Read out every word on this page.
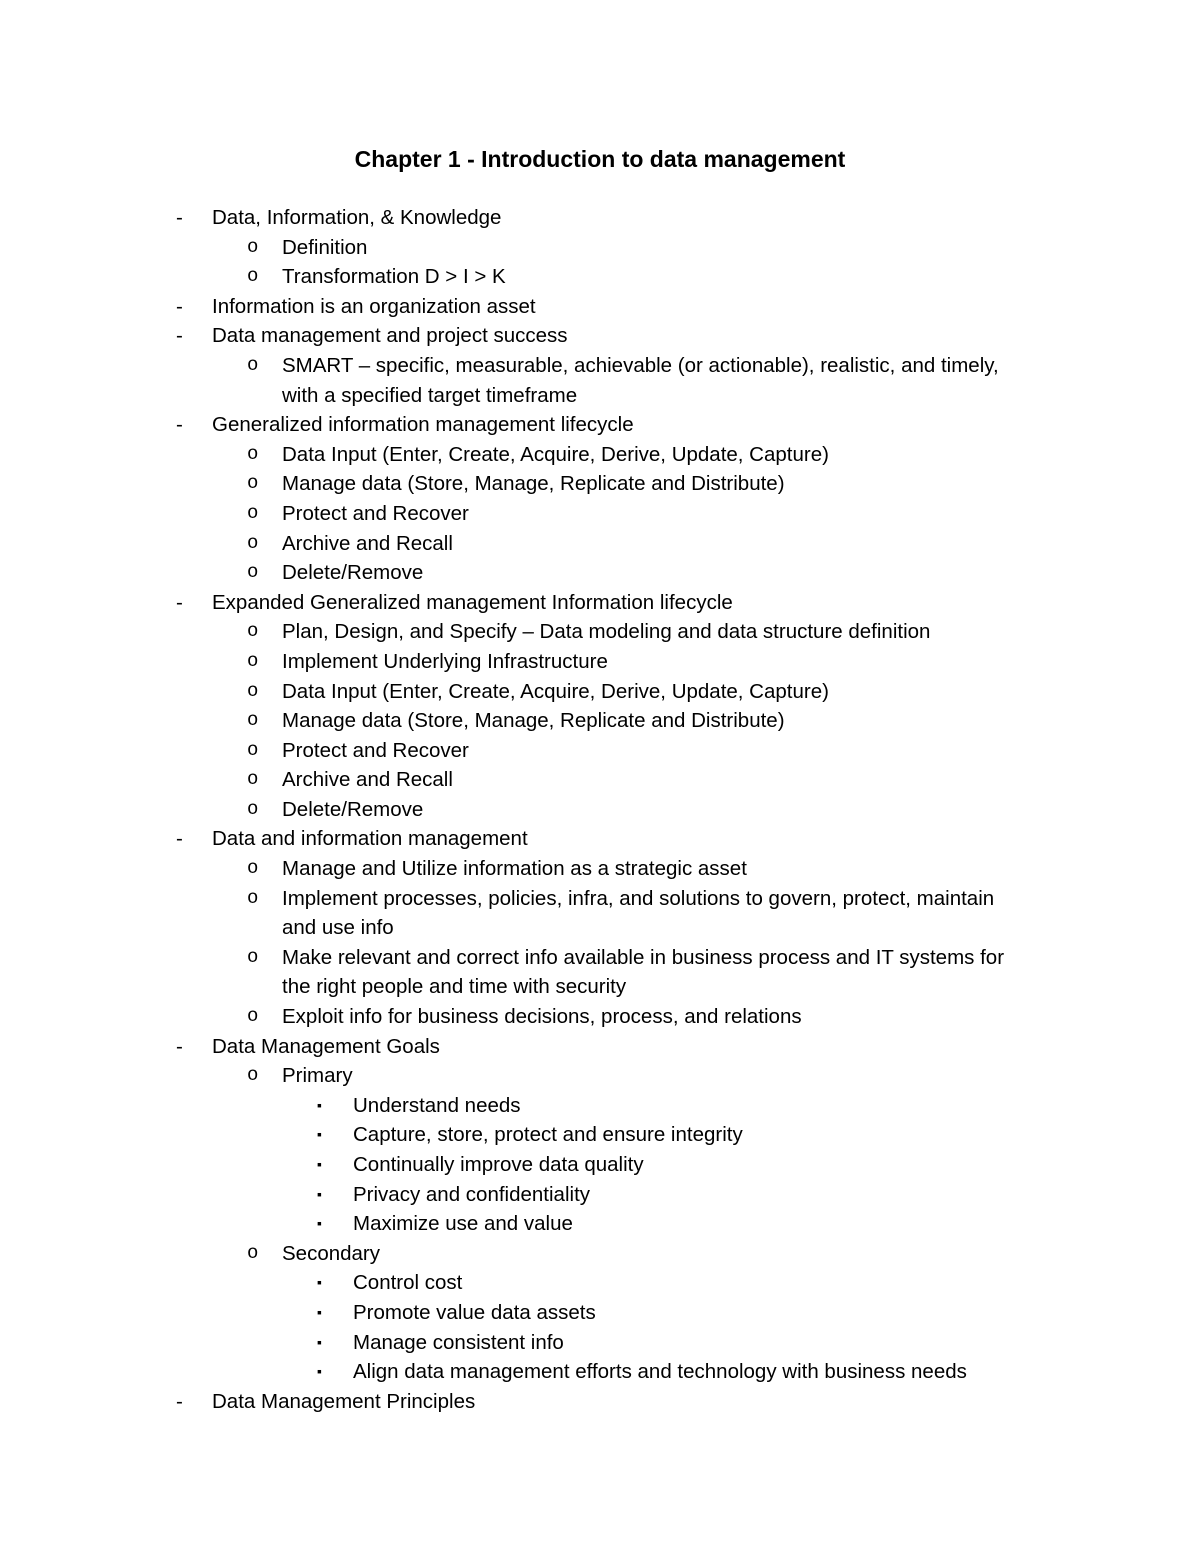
Chapter 1 - Introduction to data management
- Data, Information, & Knowledge
o Definition
o Transformation D > I > K
- Information is an organization asset
- Data management and project success
o SMART – specific, measurable, achievable (or actionable), realistic, and timely,
with a specified target timeframe
- Generalized information management lifecycle
o Data Input (Enter, Create, Acquire, Derive, Update, Capture)
o Manage data (Store, Manage, Replicate and Distribute)
o Protect and Recover
o Archive and Recall
o Delete/Remove
- Expanded Generalized management Information lifecycle
o Plan, Design, and Specify – Data modeling and data structure definition
o Implement Underlying Infrastructure
o Data Input (Enter, Create, Acquire, Derive, Update, Capture)
o Manage data (Store, Manage, Replicate and Distribute)
o Protect and Recover
o Archive and Recall
o Delete/Remove
- Data and information management
o Manage and Utilize information as a strategic asset
o Implement processes, policies, infra, and solutions to govern, protect, maintain
and use info
o Make relevant and correct info available in business process and IT systems for
the right people and time with security
o Exploit info for business decisions, process, and relations
- Data Management Goals
o Primary
▪ Understand needs
▪ Capture, store, protect and ensure integrity
▪ Continually improve data quality
▪ Privacy and confidentiality
▪ Maximize use and value
o Secondary
▪ Control cost
▪ Promote value data assets
▪ Manage consistent info
▪ Align data management efforts and technology with business needs
- Data Management Principles
